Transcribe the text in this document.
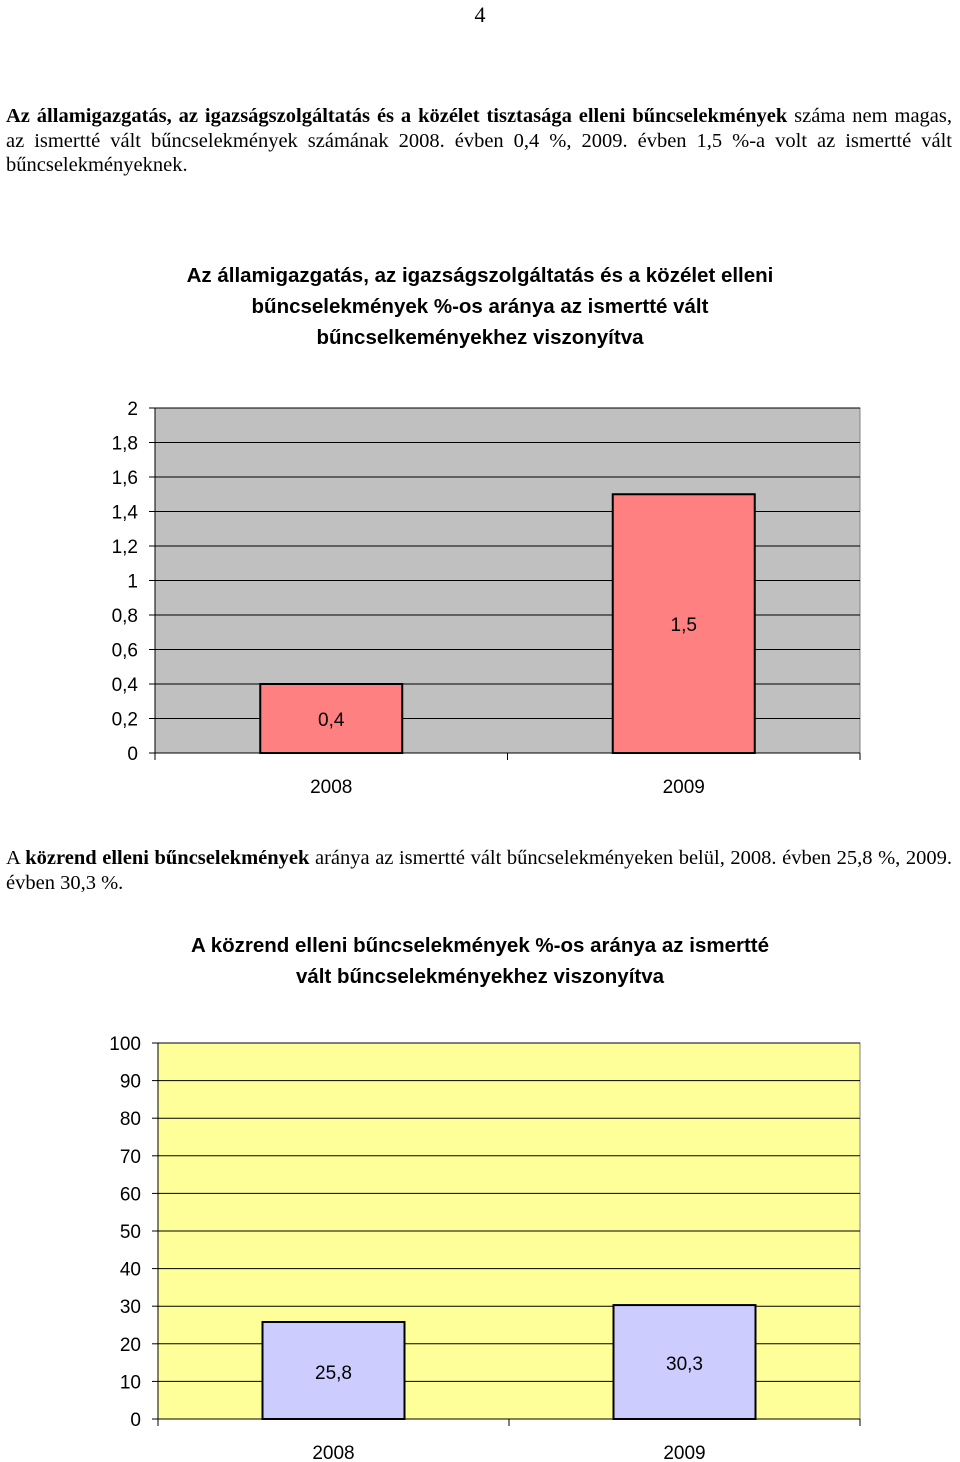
4

Az államigazgatás, az igazságszolgáltatás és a közélet tisztasága elleni bűncselekmények száma nem magas, az ismertté vált bűncselekmények számának 2008. évben 0,4 %, 2009. évben 1,5 %-a volt az ismertté vált bűncselekményeknek.

Az államigazgatás, az igazságszolgáltatás és a közélet elleni bűncselekmények %-os aránya az ismertté vált bűncselkeményekhez viszonyítva
0
0,2
0,4
0,6
0,8
1
1,2
1,4
1,6
1,8
2
0,4
2008
1,5
2009

A közrend elleni bűncselekmények aránya az ismertté vált bűncselekményeken belül, 2008. évben 25,8 %, 2009. évben 30,3 %.

A közrend elleni bűncselekmények %-os aránya az ismertté vált bűncselekményekhez viszonyítva
0
10
20
30
40
50
60
70
80
90
100
25,8
2008
30,3
2009
